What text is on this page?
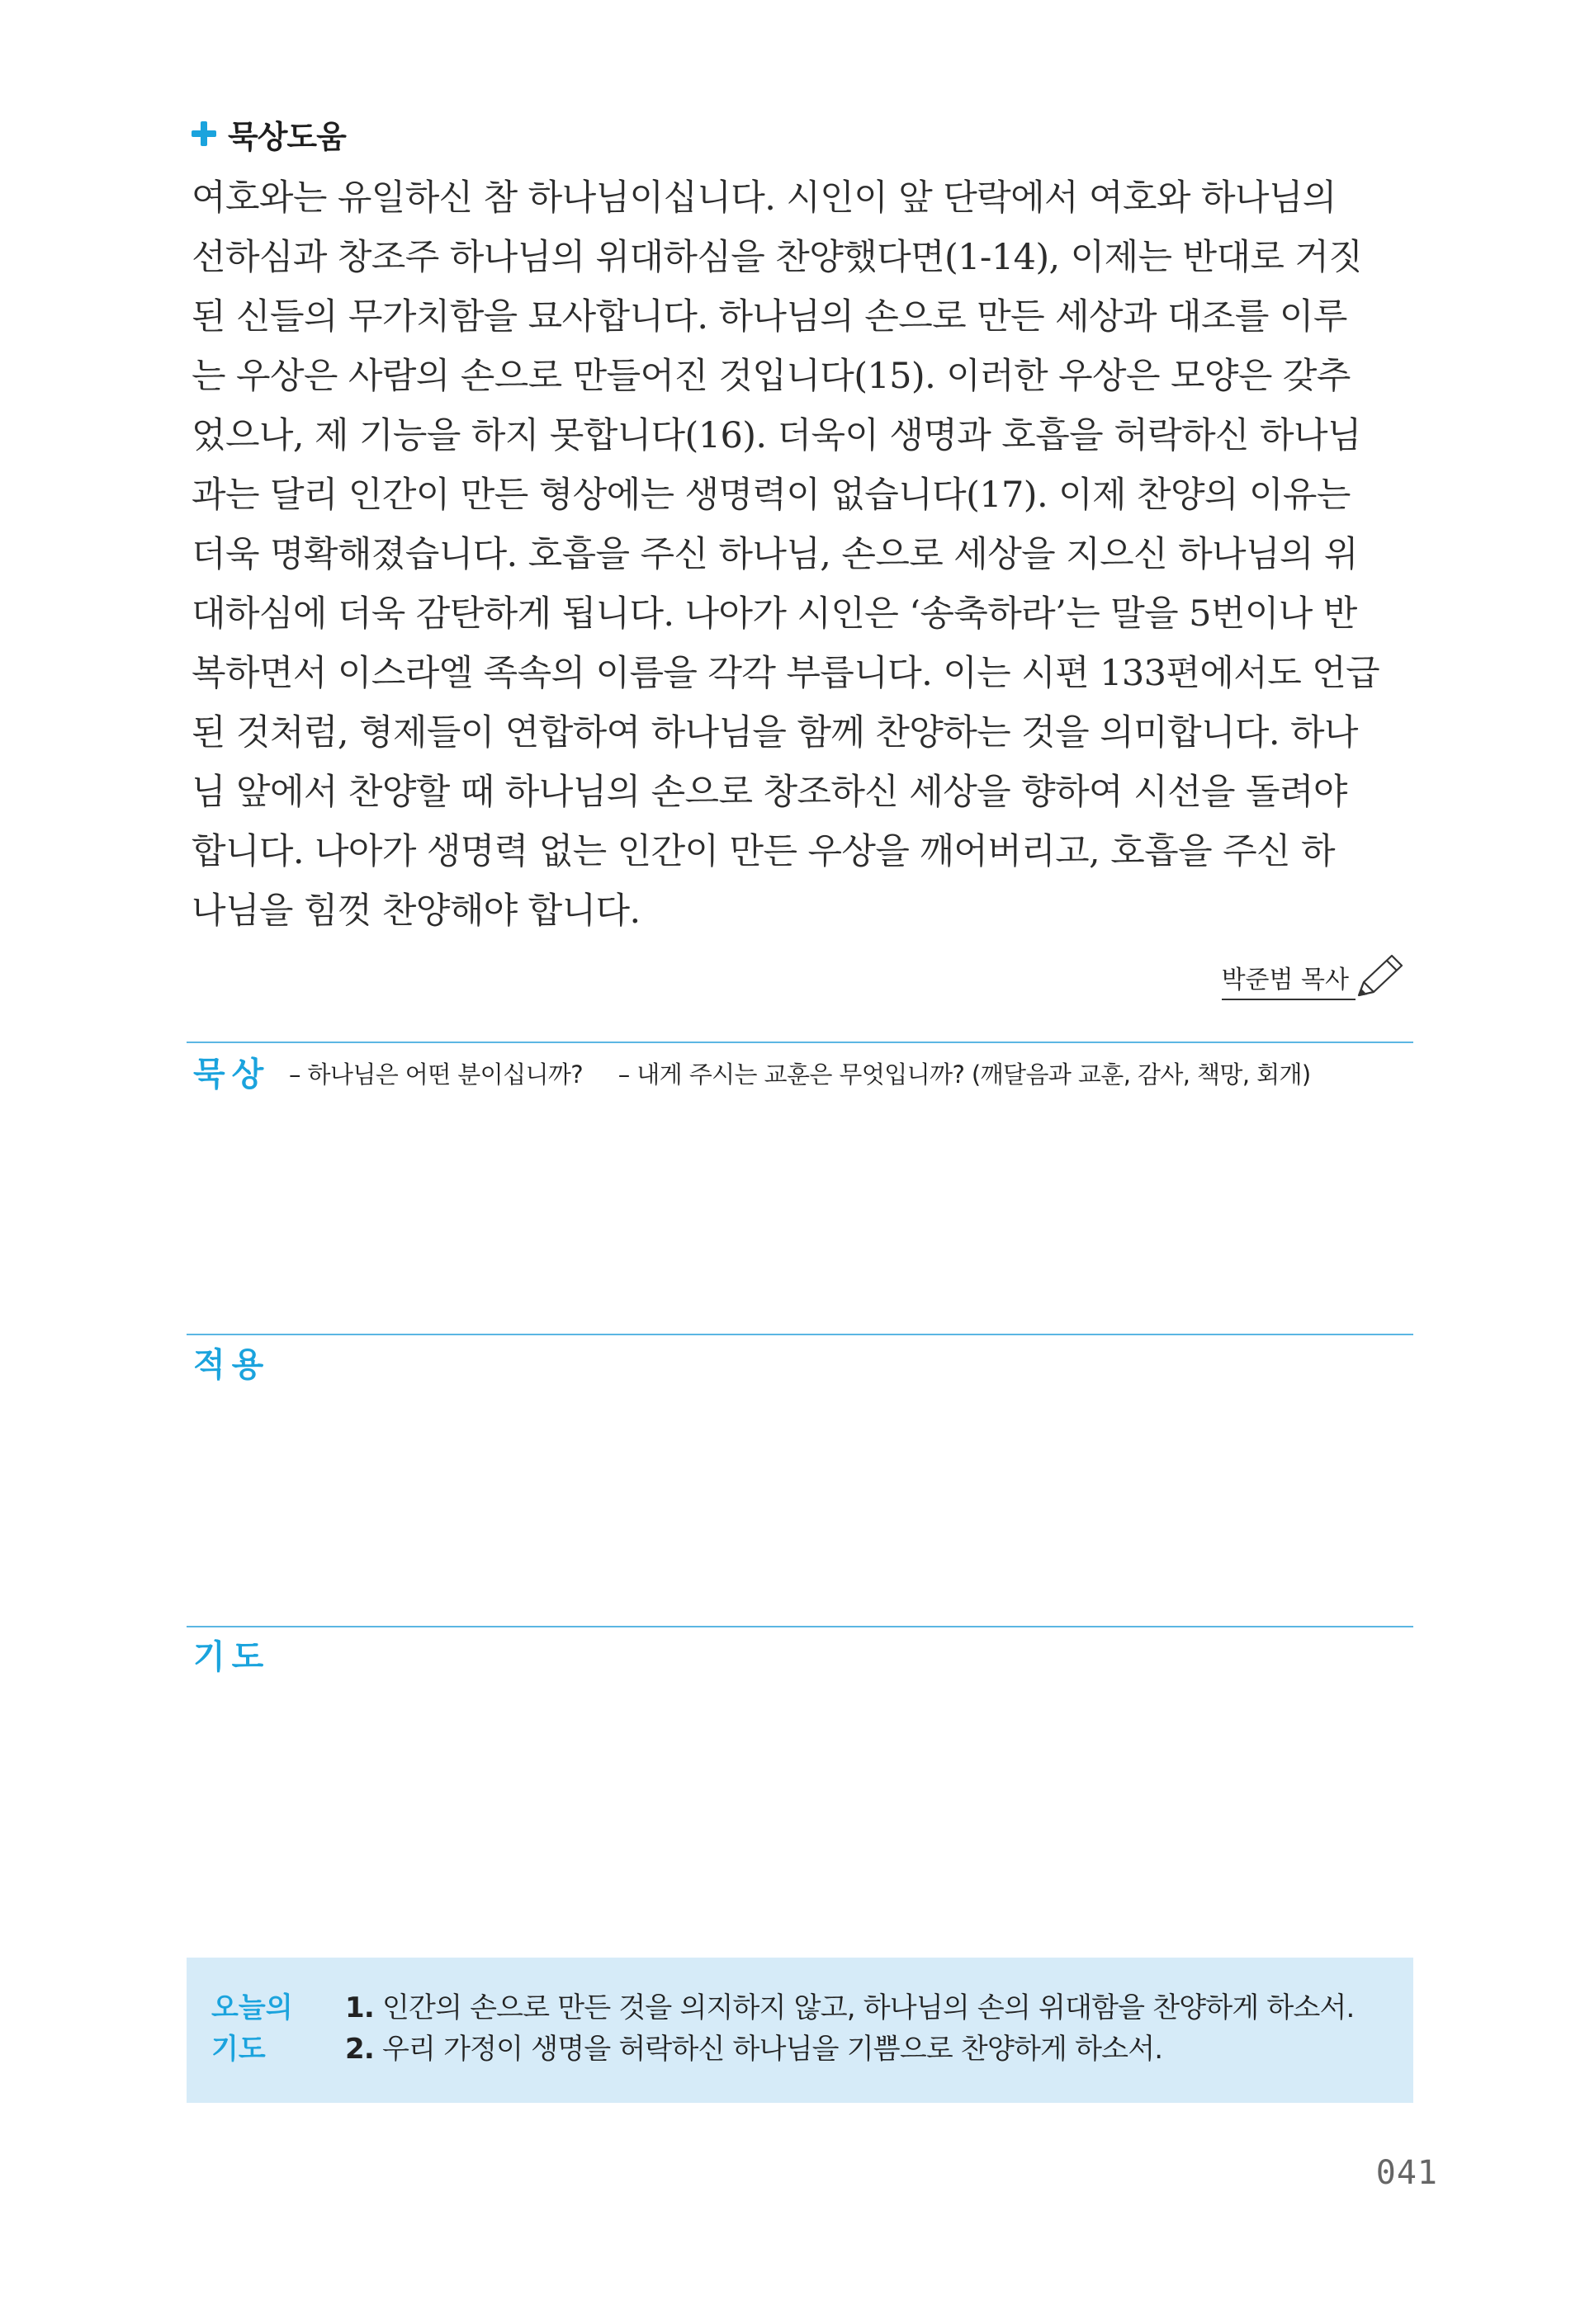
묵상도움
여호와는 유일하신 참 하나님이십니다. 시인이 앞 단락에서 여호와 하나님의
선하심과 창조주 하나님의 위대하심을 찬양했다면(1-14), 이제는 반대로 거짓
된 신들의 무가치함을 묘사합니다. 하나님의 손으로 만든 세상과 대조를 이루
는 우상은 사람의 손으로 만들어진 것입니다(15). 이러한 우상은 모양은 갖추
었으나, 제 기능을 하지 못합니다(16). 더욱이 생명과 호흡을 허락하신 하나님
과는 달리 인간이 만든 형상에는 생명력이 없습니다(17). 이제 찬양의 이유는
더욱 명확해졌습니다. 호흡을 주신 하나님, 손으로 세상을 지으신 하나님의 위
대하심에 더욱 감탄하게 됩니다. 나아가 시인은 ‘송축하라’는 말을 5번이나 반
복하면서 이스라엘 족속의 이름을 각각 부릅니다. 이는 시편 133편에서도 언급
된 것처럼, 형제들이 연합하여 하나님을 함께 찬양하는 것을 의미합니다. 하나
님 앞에서 찬양할 때 하나님의 손으로 창조하신 세상을 향하여 시선을 돌려야
합니다. 나아가 생명력 없는 인간이 만든 우상을 깨어버리고, 호흡을 주신 하
나님을 힘껏 찬양해야 합니다.
박준범 목사
묵상 – 하나님은 어떤 분이십니까? – 내게 주시는 교훈은 무엇입니까? (깨달음과 교훈, 감사, 책망, 회개)
적용
기도
오늘의
기도
1. 인간의 손으로 만든 것을 의지하지 않고, 하나님의 손의 위대함을 찬양하게 하소서.
2. 우리 가정이 생명을 허락하신 하나님을 기쁨으로 찬양하게 하소서.
041
